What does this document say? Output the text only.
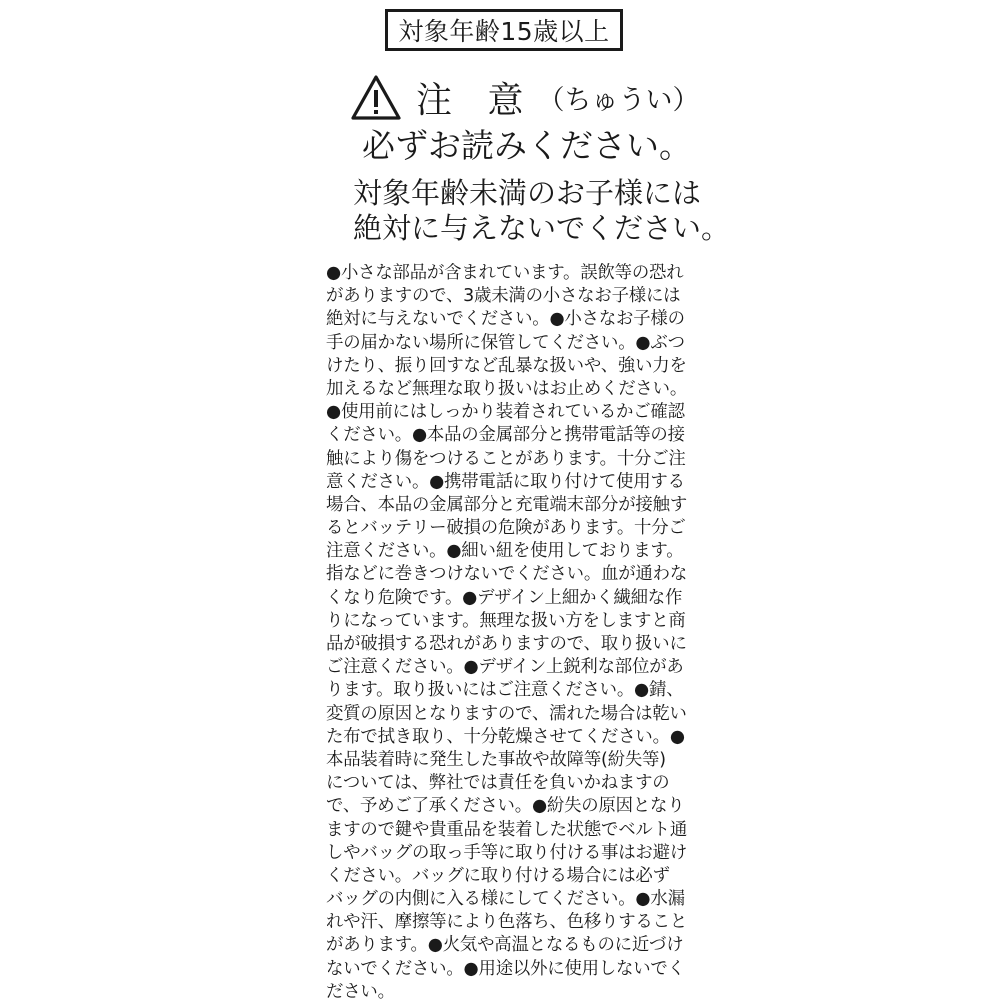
対象年齢15歳以上
注 意 （ちゅうい）
必ずお読みください。
対象年齢未満のお子様には
絶対に与えないでください。
●小さな部品が含まれています。誤飲等の恐れ
がありますので、3歳未満の小さなお子様には
絶対に与えないでください。●小さなお子様の
手の届かない場所に保管してください。●ぶつ
けたり、振り回すなど乱暴な扱いや、強い力を
加えるなど無理な取り扱いはお止めください。
●使用前にはしっかり装着されているかご確認
ください。●本品の金属部分と携帯電話等の接
触により傷をつけることがあります。十分ご注
意ください。●携帯電話に取り付けて使用する
場合、本品の金属部分と充電端末部分が接触す
るとバッテリー破損の危険があります。十分ご
注意ください。●細い紐を使用しております。
指などに巻きつけないでください。血が通わな
くなり危険です。●デザイン上細かく繊細な作
りになっています。無理な扱い方をしますと商
品が破損する恐れがありますので、取り扱いに
ご注意ください。●デザイン上鋭利な部位があ
ります。取り扱いにはご注意ください。●錆、
変質の原因となりますので、濡れた場合は乾い
た布で拭き取り、十分乾燥させてください。●
本品装着時に発生した事故や故障等(紛失等)
については、弊社では責任を負いかねますの
で、予めご了承ください。●紛失の原因となり
ますので鍵や貴重品を装着した状態でベルト通
しやバッグの取っ手等に取り付ける事はお避け
ください。バッグに取り付ける場合には必ず
バッグの内側に入る様にしてください。●水漏
れや汗、摩擦等により色落ち、色移りすること
があります。●火気や高温となるものに近づけ
ないでください。●用途以外に使用しないでく
ださい。
